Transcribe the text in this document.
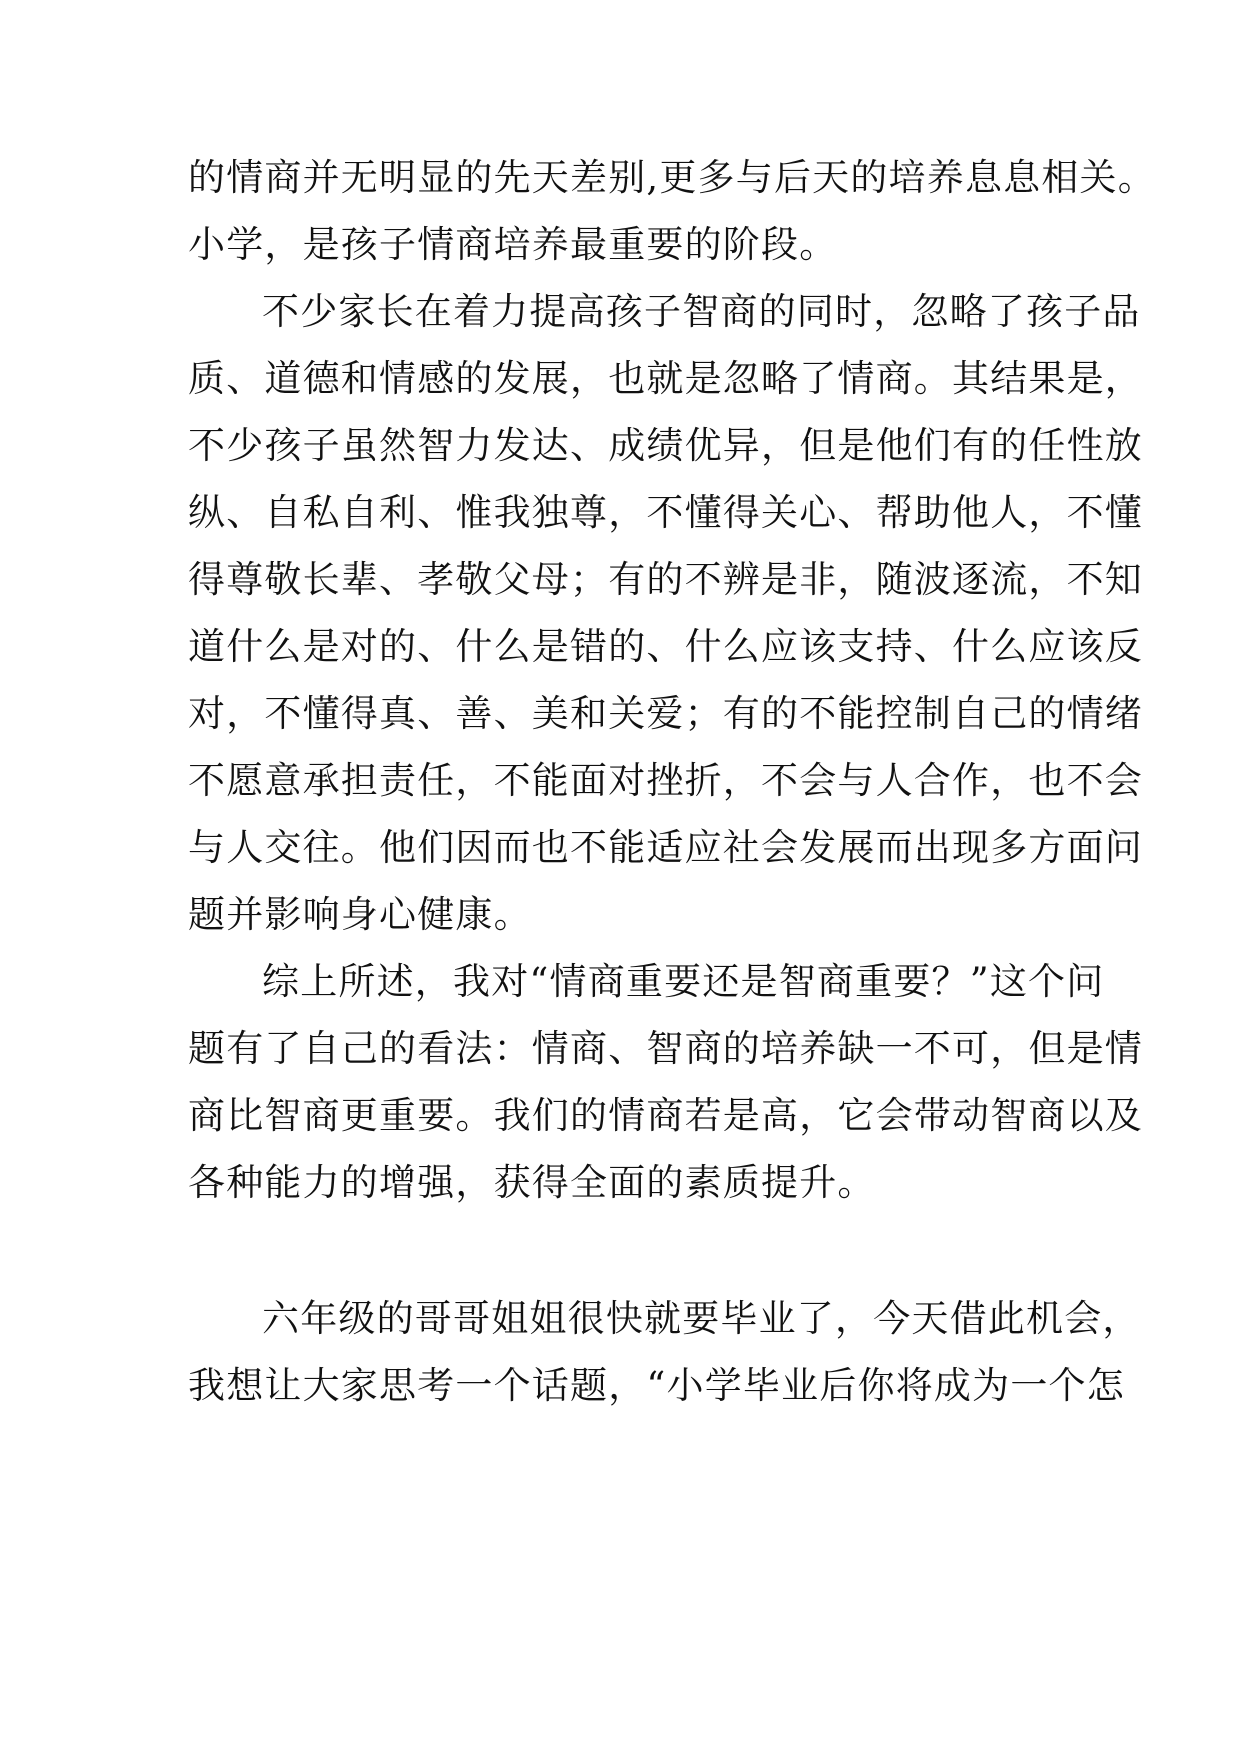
的情商并无明显的先天差别,更多与后天的培养息息相关。
小学，是孩子情商培养最重要的阶段。
不少家长在着力提高孩子智商的同时，忽略了孩子品
质、道德和情感的发展，也就是忽略了情商。其结果是，
不少孩子虽然智力发达、成绩优异，但是他们有的任性放
纵、自私自利、惟我独尊，不懂得关心、帮助他人，不懂
得尊敬长辈、孝敬父母；有的不辨是非，随波逐流，不知
道什么是对的、什么是错的、什么应该支持、什么应该反
对，不懂得真、善、美和关爱；有的不能控制自己的情绪
不愿意承担责任，不能面对挫折，不会与人合作，也不会
与人交往。他们因而也不能适应社会发展而出现多方面问
题并影响身心健康。
综上所述，我对“情商重要还是智商重要？”这个问
题有了自己的看法：情商、智商的培养缺一不可，但是情
商比智商更重要。我们的情商若是高，它会带动智商以及
各种能力的增强，获得全面的素质提升。
六年级的哥哥姐姐很快就要毕业了，今天借此机会，
我想让大家思考一个话题，“小学毕业后你将成为一个怎
